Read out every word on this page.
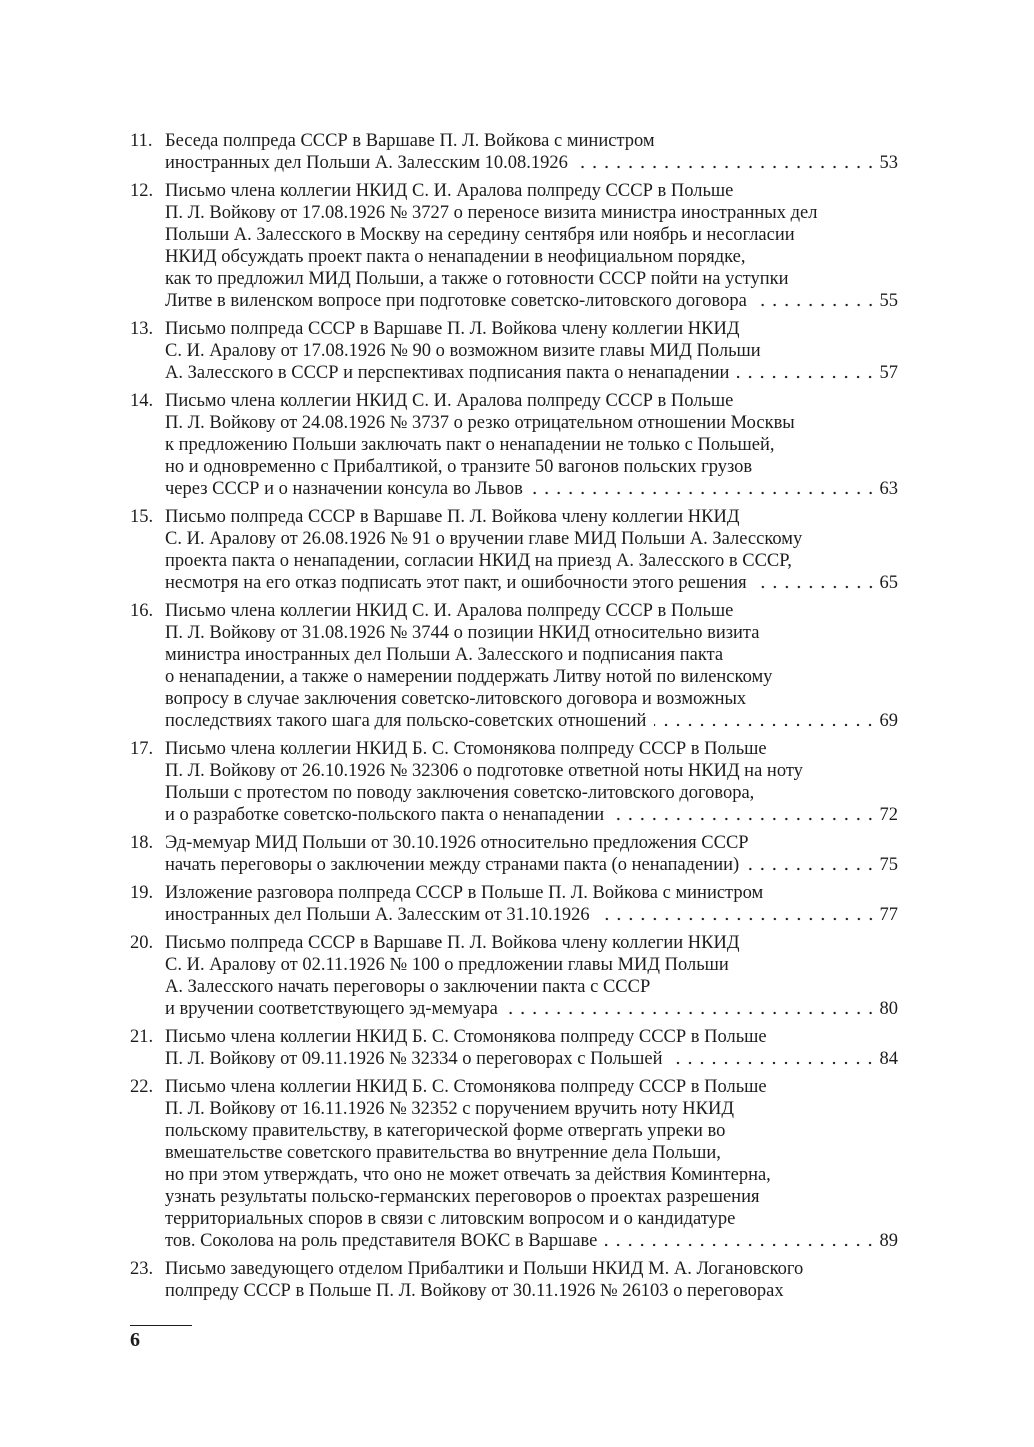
11. Беседа полпреда СССР в Варшаве П. Л. Войкова с министром
иностранных дел Польши А. Залесским 10.08.1926	53
12. Письмо члена коллегии НКИД С. И. Аралова полпреду СССР в Польше
П. Л. Войкову от 17.08.1926 № 3727 о переносе визита министра иностранных дел
Польши А. Залесского в Москву на середину сентября или ноябрь и несогласии
НКИД обсуждать проект пакта о ненападении в неофициальном порядке,
как то предложил МИД Польши, а также о готовности СССР пойти на уступки
Литве в виленском вопросе при подготовке советско-литовского договора	55
13. Письмо полпреда СССР в Варшаве П. Л. Войкова члену коллегии НКИД
С. И. Аралову от 17.08.1926 № 90 о возможном визите главы МИД Польши
А. Залесского в СССР и перспективах подписания пакта о ненападении	57
14. Письмо члена коллегии НКИД С. И. Аралова полпреду СССР в Польше
П. Л. Войкову от 24.08.1926 № 3737 о резко отрицательном отношении Москвы
к предложению Польши заключать пакт о ненападении не только с Польшей,
но и одновременно с Прибалтикой, о транзите 50 вагонов польских грузов
через СССР и о назначении консула во Львов	63
15. Письмо полпреда СССР в Варшаве П. Л. Войкова члену коллегии НКИД
С. И. Аралову от 26.08.1926 № 91 о вручении главе МИД Польши А. Залесскому
проекта пакта о ненападении, согласии НКИД на приезд А. Залесского в СССР,
несмотря на его отказ подписать этот пакт, и ошибочности этого решения	65
16. Письмо члена коллегии НКИД С. И. Аралова полпреду СССР в Польше
П. Л. Войкову от 31.08.1926 № 3744 о позиции НКИД относительно визита
министра иностранных дел Польши А. Залесского и подписания пакта
о ненападении, а также о намерении поддержать Литву нотой по виленскому
вопросу в случае заключения советско-литовского договора и возможных
последствиях такого шага для польско-советских отношений	69
17. Письмо члена коллегии НКИД Б. С. Стомонякова полпреду СССР в Польше
П. Л. Войкову от 26.10.1926 № 32306 о подготовке ответной ноты НКИД на ноту
Польши с протестом по поводу заключения советско-литовского договора,
и о разработке советско-польского пакта о ненападении	72
18. Эд-мемуар МИД Польши от 30.10.1926 относительно предложения СССР
начать переговоры о заключении между странами пакта (о ненападении)	75
19. Изложение разговора полпреда СССР в Польше П. Л. Войкова с министром
иностранных дел Польши А. Залесским от 31.10.1926	77
20. Письмо полпреда СССР в Варшаве П. Л. Войкова члену коллегии НКИД
С. И. Аралову от 02.11.1926 № 100 о предложении главы МИД Польши
А. Залесского начать переговоры о заключении пакта с СССР
и вручении соответствующего эд-мемуара	80
21. Письмо члена коллегии НКИД Б. С. Стомонякова полпреду СССР в Польше
П. Л. Войкову от 09.11.1926 № 32334 о переговорах с Польшей	84
22. Письмо члена коллегии НКИД Б. С. Стомонякова полпреду СССР в Польше
П. Л. Войкову от 16.11.1926 № 32352 с поручением вручить ноту НКИД
польскому правительству, в категорической форме отвергать упреки во
вмешательстве советского правительства во внутренние дела Польши,
но при этом утверждать, что оно не может отвечать за действия Коминтерна,
узнать результаты польско-германских переговоров о проектах разрешения
территориальных споров в связи с литовским вопросом и о кандидатуре
тов. Соколова на роль представителя ВОКС в Варшаве	89
23. Письмо заведующего отделом Прибалтики и Польши НКИД М. А. Логановского
полпреду СССР в Польше П. Л. Войкову от 30.11.1926 № 26103 о переговорах
6
